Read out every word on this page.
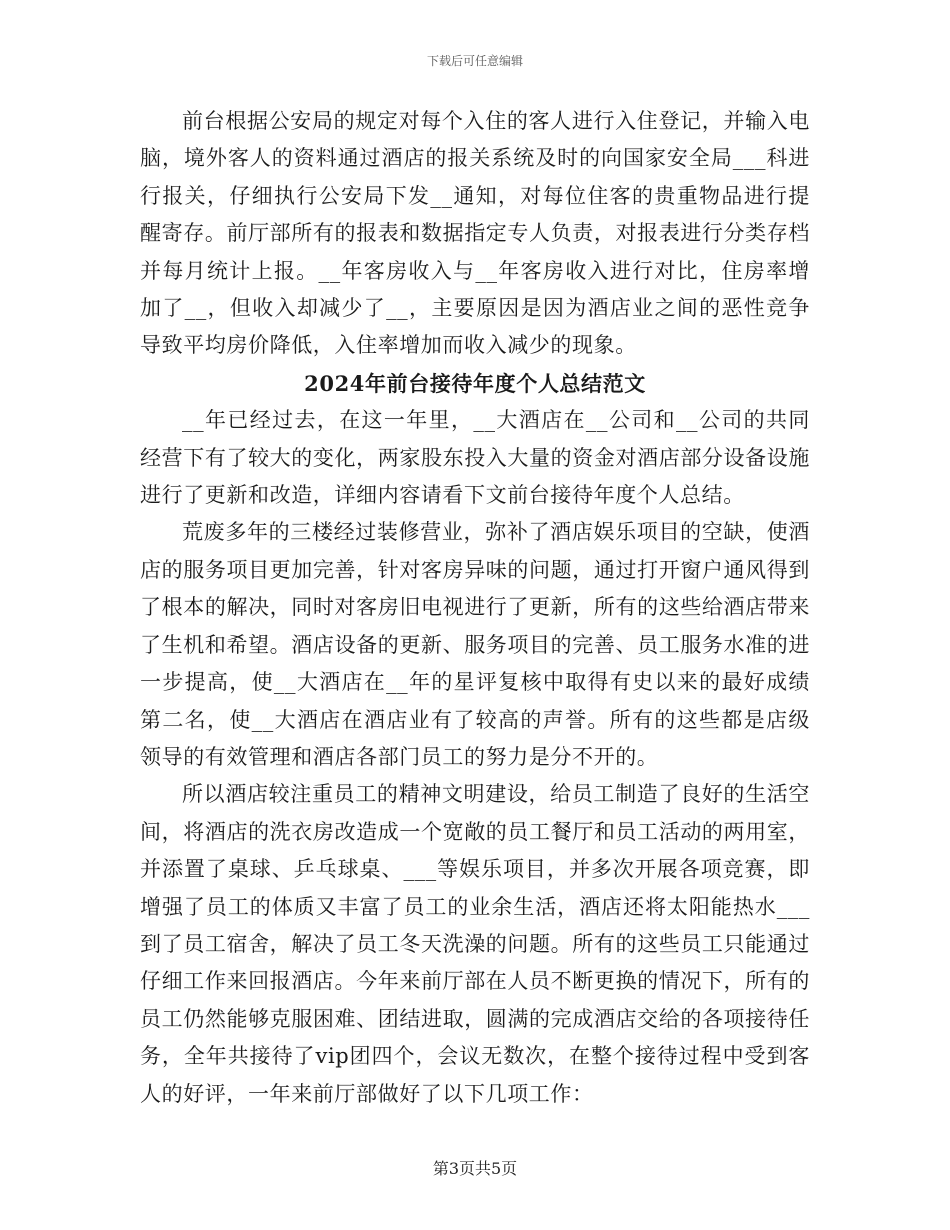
下载后可任意编辑

前台根据公安局的规定对每个入住的客人进行入住登记，并输入电脑，境外客人的资料通过酒店的报关系统及时的向国家安全局___科进行报关，仔细执行公安局下发__通知，对每位住客的贵重物品进行提醒寄存。前厅部所有的报表和数据指定专人负责，对报表进行分类存档并每月统计上报。__年客房收入与__年客房收入进行对比，住房率增加了__，但收入却减少了__，主要原因是因为酒店业之间的恶性竞争导致平均房价降低，入住率增加而收入减少的现象。

2024年前台接待年度个人总结范文

__年已经过去，在这一年里，__大酒店在__公司和__公司的共同经营下有了较大的变化，两家股东投入大量的资金对酒店部分设备设施进行了更新和改造，详细内容请看下文前台接待年度个人总结。

荒废多年的三楼经过装修营业，弥补了酒店娱乐项目的空缺，使酒店的服务项目更加完善，针对客房异味的问题，通过打开窗户通风得到了根本的解决，同时对客房旧电视进行了更新，所有的这些给酒店带来了生机和希望。酒店设备的更新、服务项目的完善、员工服务水准的进一步提高，使__大酒店在__年的星评复核中取得有史以来的最好成绩第二名，使__大酒店在酒店业有了较高的声誉。所有的这些都是店级领导的有效管理和酒店各部门员工的努力是分不开的。

所以酒店较注重员工的精神文明建设，给员工制造了良好的生活空间，将酒店的洗衣房改造成一个宽敞的员工餐厅和员工活动的两用室，并添置了桌球、乒乓球桌、___等娱乐项目，并多次开展各项竞赛，即增强了员工的体质又丰富了员工的业余生活，酒店还将太阳能热水___到了员工宿舍，解决了员工冬天洗澡的问题。所有的这些员工只能通过仔细工作来回报酒店。今年来前厅部在人员不断更换的情况下，所有的员工仍然能够克服困难、团结进取，圆满的完成酒店交给的各项接待任务，全年共接待了vip团四个，会议无数次，在整个接待过程中受到客人的好评，一年来前厅部做好了以下几项工作：

第3页共5页
